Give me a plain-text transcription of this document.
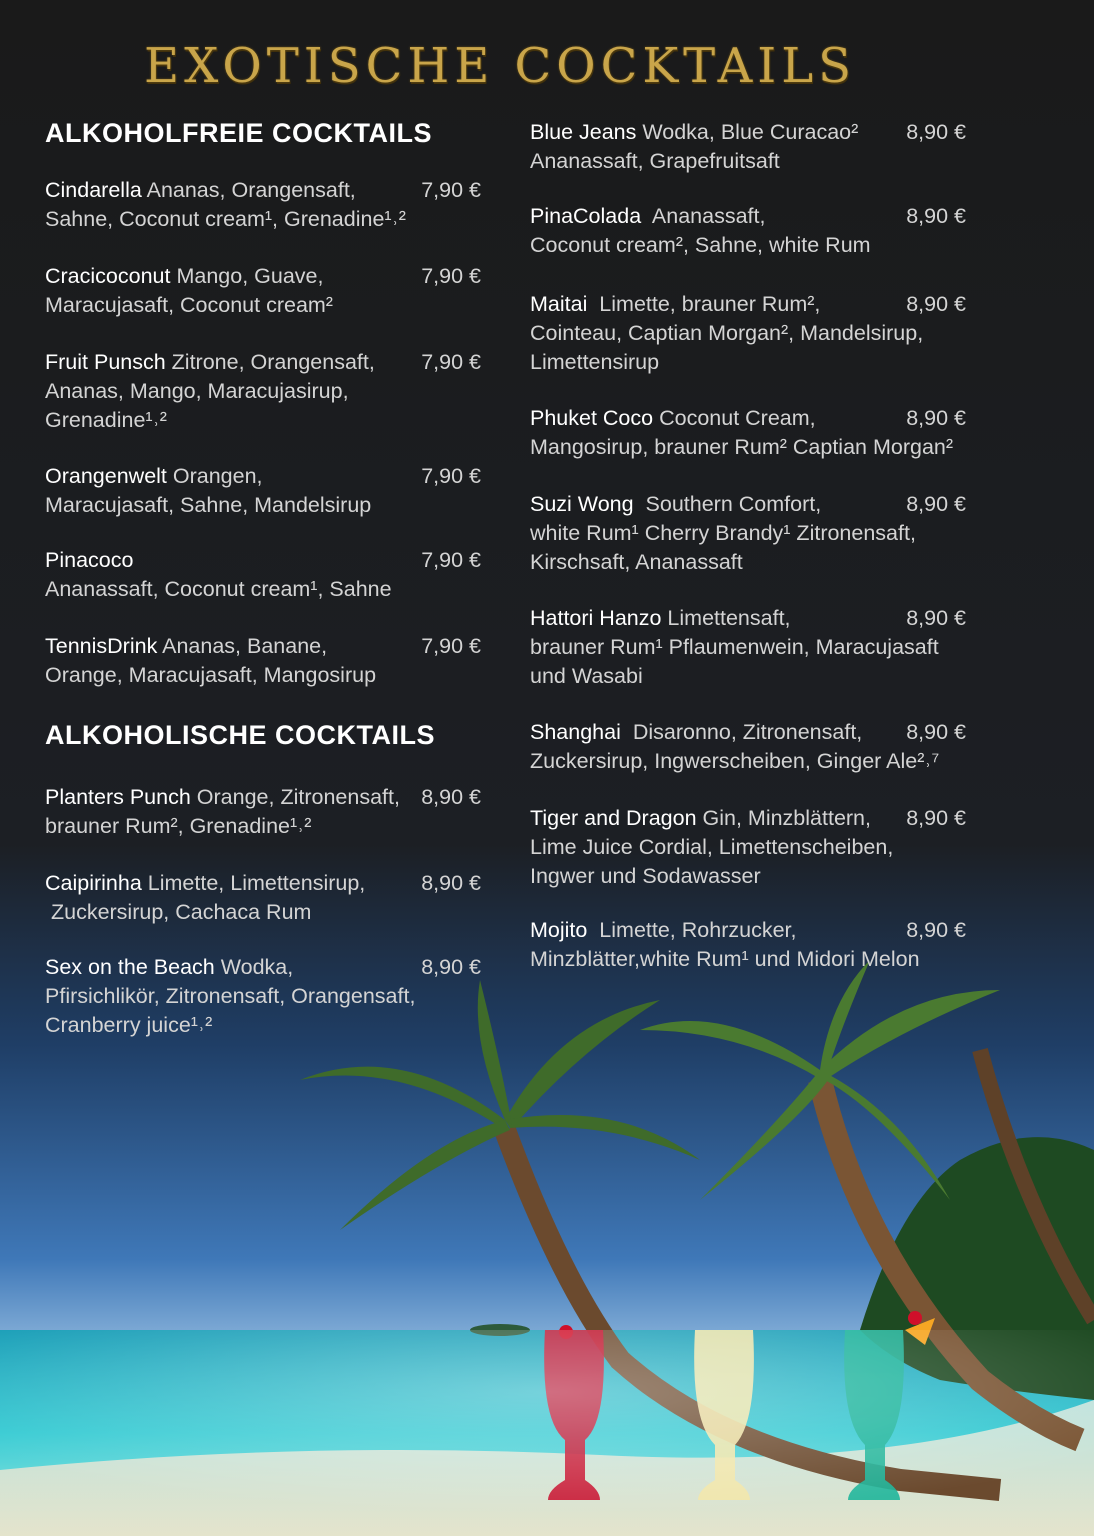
EXOTISCHE COCKTAILS
ALKOHOLFREIE COCKTAILS
Cindarella Ananas, Orangensaft,	7,90 €
Sahne, Coconut cream¹, Grenadine¹˒²
Cracicoconut Mango, Guave,	7,90 €
Maracujasaft, Coconut cream²
Fruit Punsch Zitrone, Orangensaft, 7,90 €
Ananas, Mango, Maracujasirup,
Grenadine¹˒²
Orangenwelt Orangen,	7,90 €
Maracujasaft, Sahne, Mandelsirup
Pinacoco	7,90 €
Ananassaft, Coconut cream¹, Sahne
TennisDrink Ananas, Banane,	7,90 €
Orange, Maracujasaft, Mangosirup
ALKOHOLISCHE COCKTAILS
Planters Punch Orange, Zitronensaft, 8,90 €
brauner Rum², Grenadine¹˒²
Caipirinha Limette, Limettensirup,	8,90 €
Zuckersirup, Cachaca Rum
Sex on the Beach Wodka,	8,90 €
Pfirsichlikör, Zitronensaft, Orangensaft,
Cranberry juice¹˒²
Blue Jeans Wodka, Blue Curacao² 8,90 €
Ananassaft, Grapefruitsaft
PinaColada  Ananassaft,	8,90 €
Coconut cream², Sahne, white Rum
Maitai  Limette, brauner Rum²,	8,90 €
Cointeau, Captian Morgan², Mandelsirup,
Limettensirup
Phuket Coco Coconut Cream,	8,90 €
Mangosirup, brauner Rum² Captian Morgan²
Suzi Wong  Southern Comfort,	8,90 €
white Rum¹ Cherry Brandy¹ Zitronensaft,
Kirschsaft, Ananassaft
Hattori Hanzo Limettensaft,	8,90 €
brauner Rum¹ Pflaumenwein, Maracujasaft
und Wasabi
Shanghai  Disaronno, Zitronensaft, 8,90 €
Zuckersirup, Ingwerscheiben, Ginger Ale²˒⁷
Tiger and Dragon Gin, Minzblättern, 8,90 €
Lime Juice Cordial, Limettenscheiben,
Ingwer und Sodawasser
Mojito  Limette, Rohrzucker,	8,90 €
Minzblätter,white Rum¹ und Midori Melon
